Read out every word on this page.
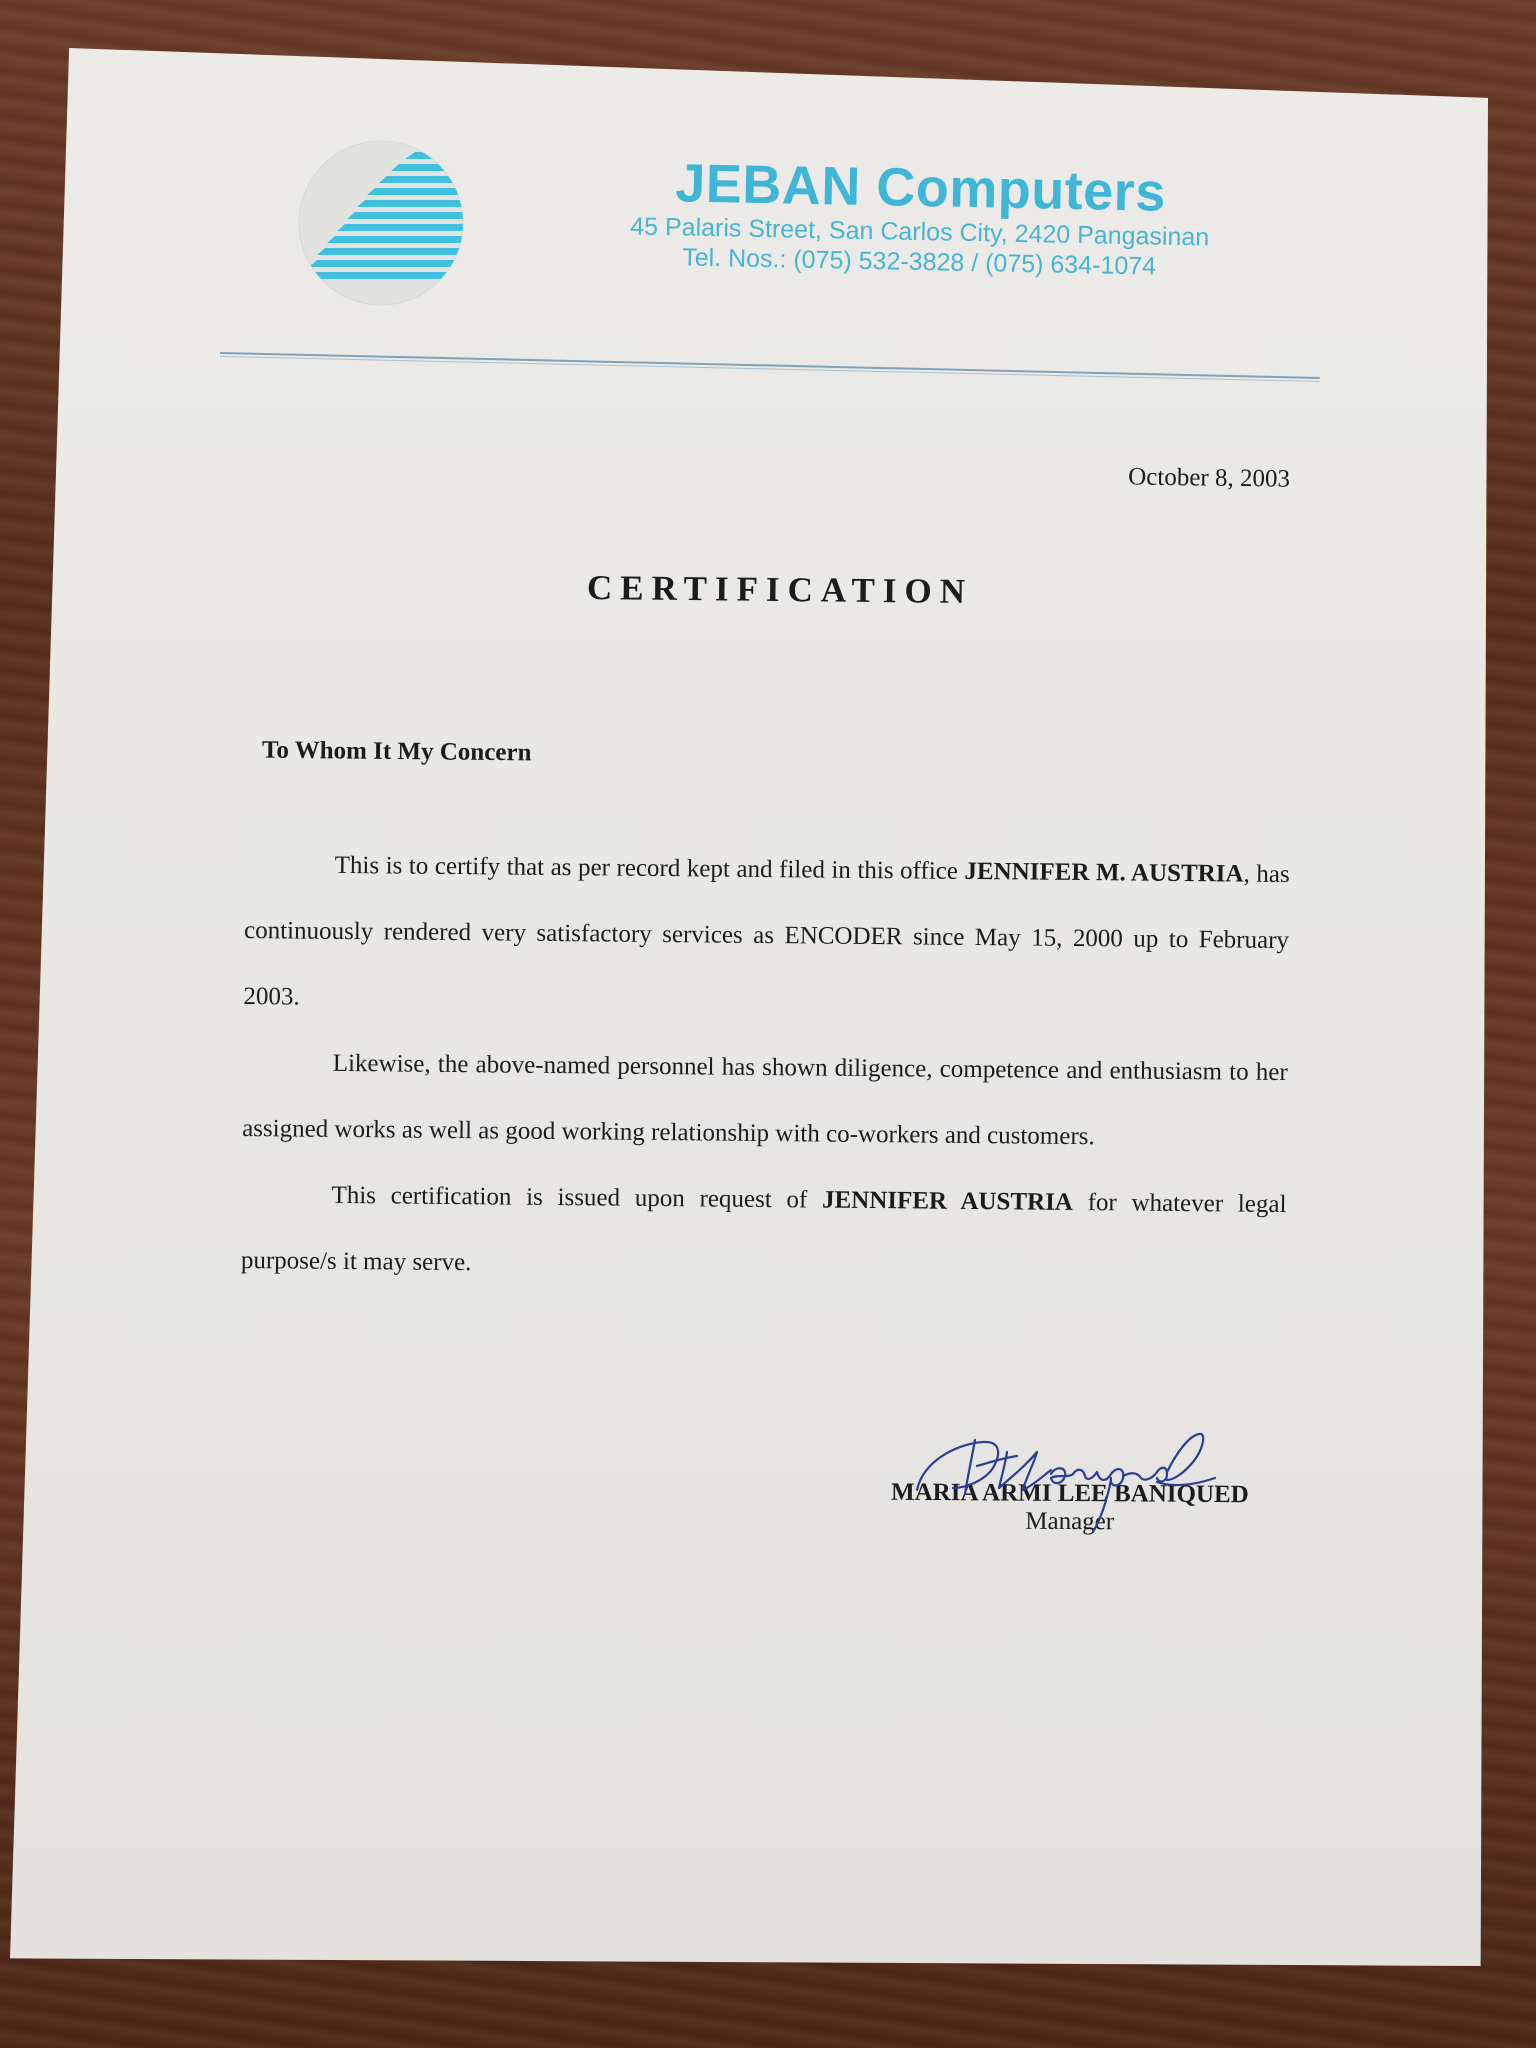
JEBAN Computers
45 Palaris Street, San Carlos City, 2420 Pangasinan
Tel. Nos.: (075) 532-3828 / (075) 634-1074
October 8, 2003
CERTIFICATION
To Whom It My Concern

This is to certify that as per record kept and filed in this office JENNIFER M. AUSTRIA, has continuously rendered very satisfactory services as ENCODER since May 15, 2000 up to February 2003.

Likewise, the above-named personnel has shown diligence, competence and enthusiasm to her assigned works as well as good working relationship with co-workers and customers.

This certification is issued upon request of JENNIFER AUSTRIA for whatever legal purpose/s it may serve.

MARIA ARMI LEE BANIQUED
Manager
